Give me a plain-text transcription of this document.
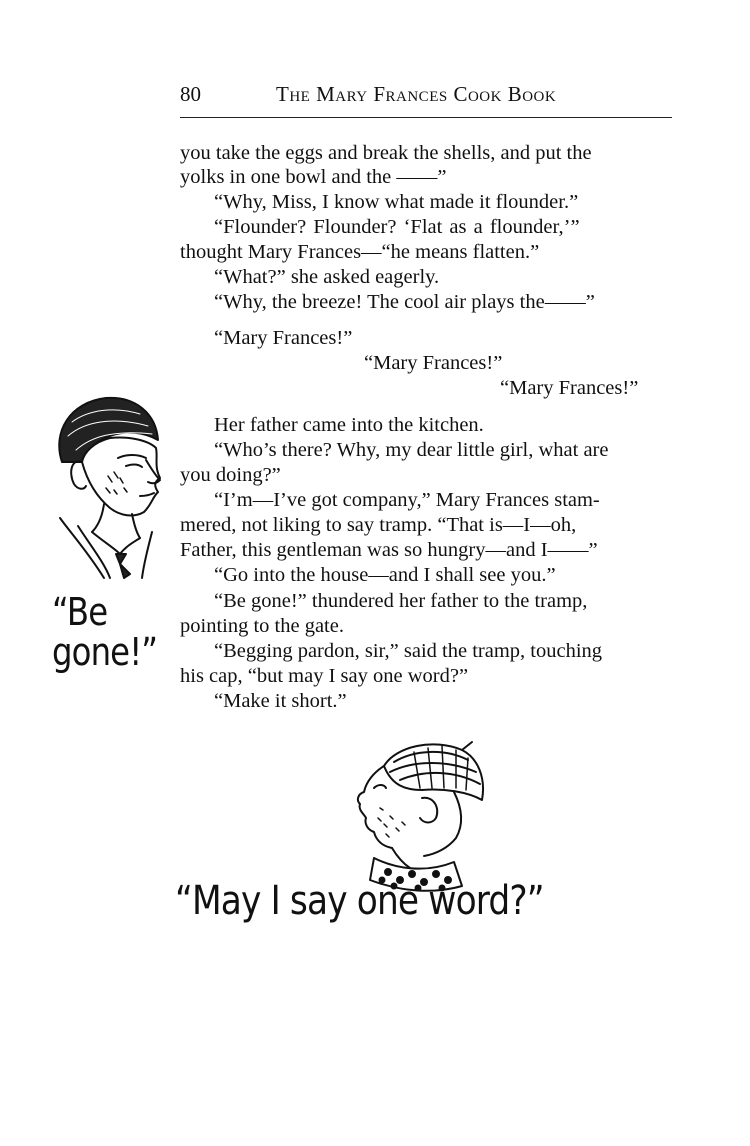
80	The Mary Frances Cook Book
you take the eggs and break the shells, and put the
yolks in one bowl and the ——”
“Why, Miss, I know what made it flounder.”
“Flounder? Flounder? ‘Flat as a flounder,’”
thought Mary Frances—“he means flatten.”
“What?” she asked eagerly.
“Why, the breeze! The cool air plays the——”
“Mary Frances!”
“Mary Frances!”
“Mary Frances!”
Her father came into the kitchen.
“Who’s there? Why, my dear little girl, what are
you doing?”
“I’m—I’ve got company,” Mary Frances stam-
mered, not liking to say tramp. “That is—I—oh,
Father, this gentleman was so hungry—and I——”
“Go into the house—and I shall see you.”
“Be gone!” thundered her father to the tramp,
pointing to the gate.
“Begging pardon, sir,” said the tramp, touching
his cap, “but may I say one word?”
“Make it short.”
“Be
gone!”
“May I say one word?”
